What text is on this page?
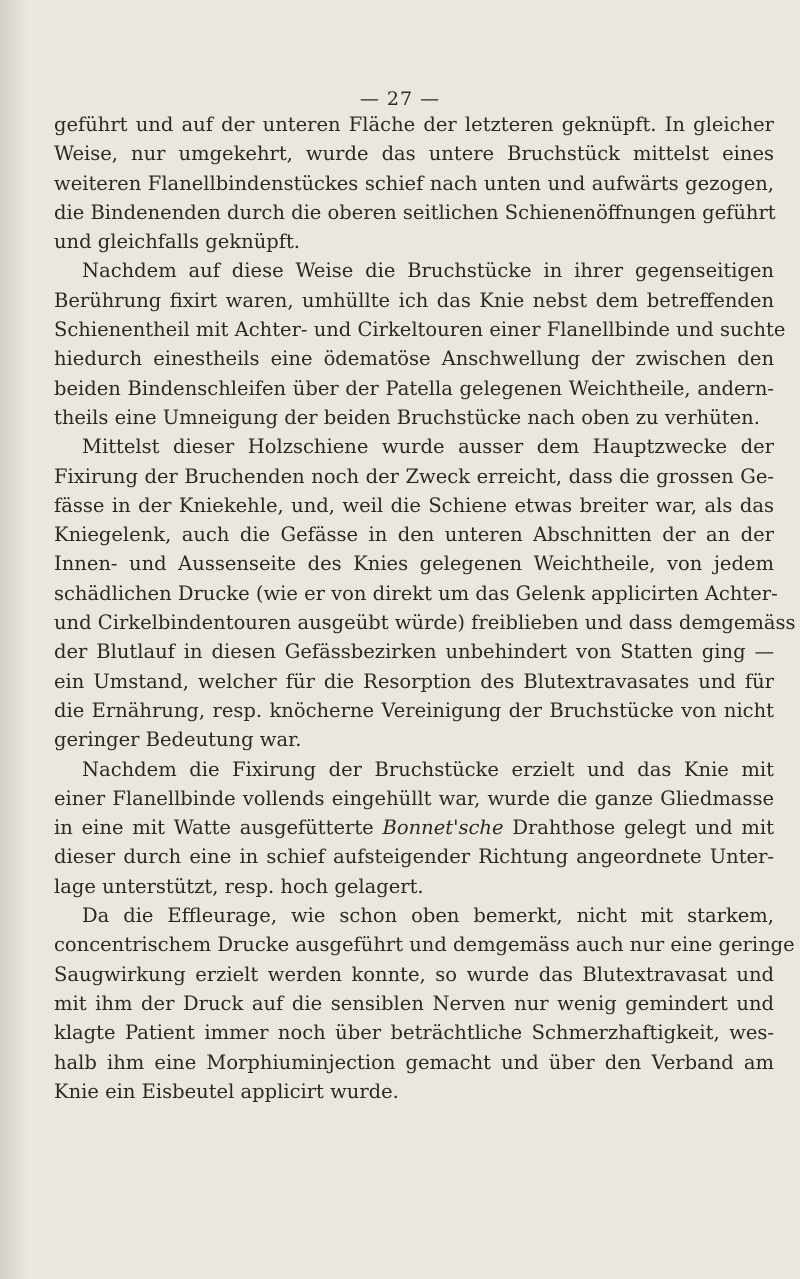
— 27 —
geführt und auf der unteren Fläche der letzteren geknüpft. In gleicher
Weise, nur umgekehrt, wurde das untere Bruchstück mittelst eines
weiteren Flanellbindenstückes schief nach unten und aufwärts gezogen,
die Bindenenden durch die oberen seitlichen Schienenöffnungen geführt
und gleichfalls geknüpft.
Nachdem auf diese Weise die Bruchstücke in ihrer gegenseitigen
Berührung fixirt waren, umhüllte ich das Knie nebst dem betreffenden
Schienentheil mit Achter- und Cirkeltouren einer Flanellbinde und suchte
hiedurch einestheils eine ödematöse Anschwellung der zwischen den
beiden Bindenschleifen über der Patella gelegenen Weichtheile, andern-
theils eine Umneigung der beiden Bruchstücke nach oben zu verhüten.
Mittelst dieser Holzschiene wurde ausser dem Hauptzwecke der
Fixirung der Bruchenden noch der Zweck erreicht, dass die grossen Ge-
fässe in der Kniekehle, und, weil die Schiene etwas breiter war, als das
Kniegelenk, auch die Gefässe in den unteren Abschnitten der an der
Innen- und Aussenseite des Knies gelegenen Weichtheile, von jedem
schädlichen Drucke (wie er von direkt um das Gelenk applicirten Achter-
und Cirkelbindentouren ausgeübt würde) freiblieben und dass demgemäss
der Blutlauf in diesen Gefässbezirken unbehindert von Statten ging —
ein Umstand, welcher für die Resorption des Blutextravasates und für
die Ernährung, resp. knöcherne Vereinigung der Bruchstücke von nicht
geringer Bedeutung war.
Nachdem die Fixirung der Bruchstücke erzielt und das Knie mit
einer Flanellbinde vollends eingehüllt war, wurde die ganze Gliedmasse
in eine mit Watte ausgefütterte Bonnet'sche Drahthose gelegt und mit
dieser durch eine in schief aufsteigender Richtung angeordnete Unter-
lage unterstützt, resp. hoch gelagert.
Da die Effleurage, wie schon oben bemerkt, nicht mit starkem,
concentrischem Drucke ausgeführt und demgemäss auch nur eine geringe
Saugwirkung erzielt werden konnte, so wurde das Blutextravasat und
mit ihm der Druck auf die sensiblen Nerven nur wenig gemindert und
klagte Patient immer noch über beträchtliche Schmerzhaftigkeit, wes-
halb ihm eine Morphiuminjection gemacht und über den Verband am
Knie ein Eisbeutel applicirt wurde.
